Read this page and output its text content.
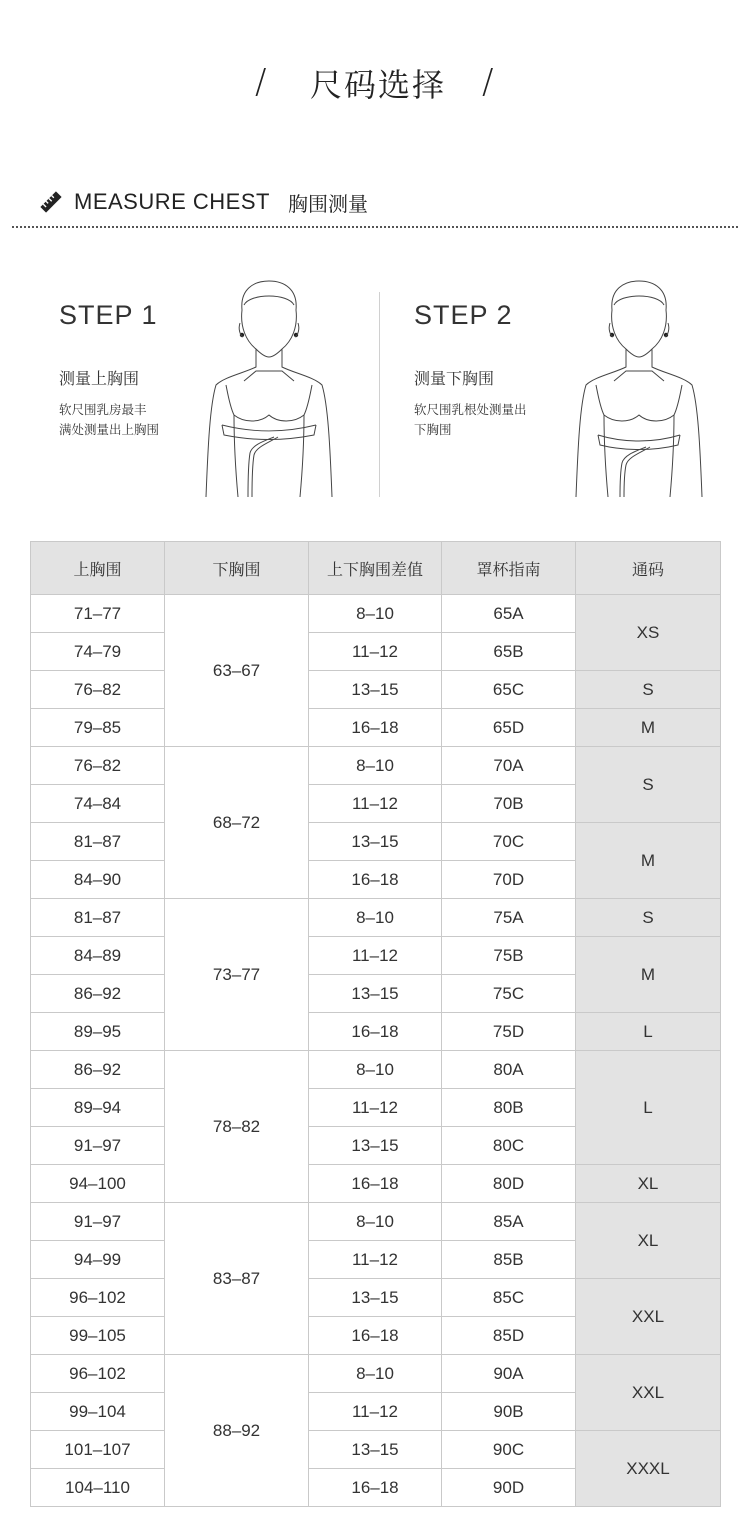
/ 尺码选择 /
MEASURE CHEST 胸围测量
STEP 1
测量上胸围
软尺围乳房最丰
满处测量出上胸围
STEP 2
测量下胸围
软尺围乳根处测量出
下胸围
上胸围	下胸围	上下胸围差值	罩杯指南	通码
71–77	63–67	8–10	65A	XS
74–79		11–12	65B	
76–82		13–15	65C	S
79–85		16–18	65D	M
76–82	68–72	8–10	70A	S
74–84		11–12	70B	
81–87		13–15	70C	M
84–90		16–18	70D	
81–87	73–77	8–10	75A	S
84–89		11–12	75B	M
86–92		13–15	75C	
89–95		16–18	75D	L
86–92	78–82	8–10	80A	L
89–94		11–12	80B	
91–97		13–15	80C	
94–100		16–18	80D	XL
91–97	83–87	8–10	85A	XL
94–99		11–12	85B	
96–102		13–15	85C	XXL
99–105		16–18	85D	
96–102	88–92	8–10	90A	XXL
99–104		11–12	90B	
101–107		13–15	90C	XXXL
104–110		16–18	90D	
